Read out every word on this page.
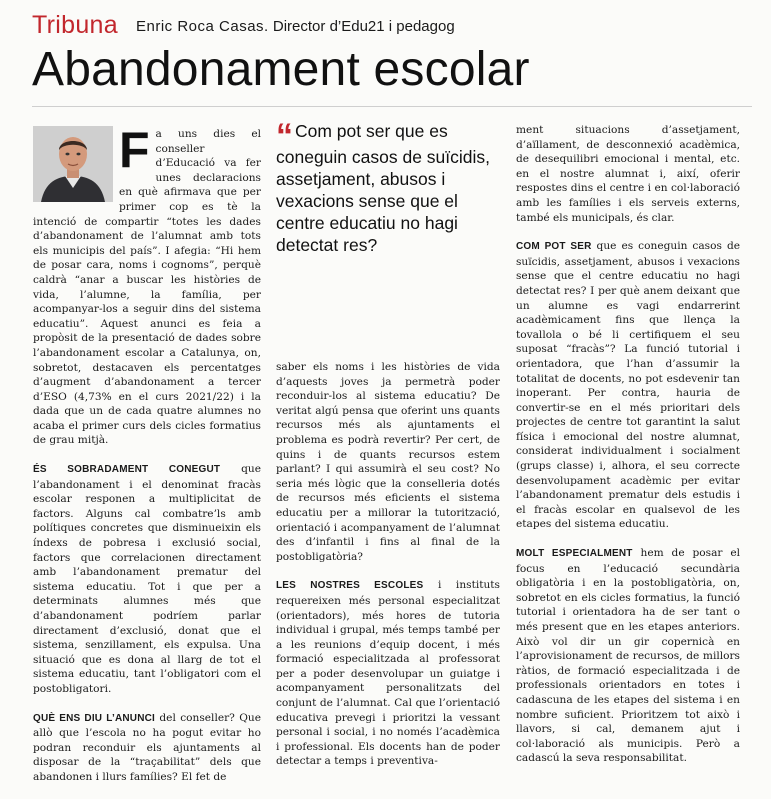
Tribuna Enric Roca Casas. Director d’Edu21 i pedagog
Abandonament escolar

Fa uns dies el conseller d’Educació va fer unes declaracions en què afirmava que per primer cop es tè la intenció de compartir “totes les dades d’abandonament de l’alumnat amb tots els municipis del país”. I afegia: “Hi hem de posar cara, noms i cognoms”, perquè caldrà “anar a buscar les històries de vida, l’alumne, la família, per acompanyar-los a seguir dins del sistema educatiu”. Aquest anunci es feia a propòsit de la presentació de dades sobre l’abandonament escolar a Catalunya, on, sobretot, destacaven els percentatges d’augment d’abandonament a tercer d’ESO (4,73% en el curs 2021/22) i la dada que un de cada quatre alumnes no acaba el primer curs dels cicles formatius de grau mitjà.

ÉS SOBRADAMENT CONEGUT que l’abandonament i el denominat fracàs escolar responen a multiplicitat de factors. Alguns cal combatre’ls amb polítiques concretes que disminueixin els índexs de pobresa i exclusió social, factors que correlacionen directament amb l’abandonament prematur del sistema educatiu. Tot i que per a determinats alumnes més que d’abandonament podríem parlar directament d’exclusió, donat que el sistema, senzillament, els expulsa. Una situació que es dona al llarg de tot el sistema educatiu, tant l’obligatori com el postobligatori.

QUÈ ENS DIU L’ANUNCI del conseller? Que allò que l’escola no ha pogut evitar ho podran reconduir els ajuntaments al disposar de la “traçabilitat” dels que abandonen i llurs famílies? El fet de

“ Com pot ser que es coneguin casos de suïcidis, assetjament, abusos i vexacions sense que el centre educatiu no hagi detectat res?

saber els noms i les històries de vida d’aquests joves ja permetrà poder reconduir-los al sistema educatiu? De veritat algú pensa que oferint uns quants recursos més als ajuntaments el problema es podrà revertir? Per cert, de quins i de quants recursos estem parlant? I qui assumirà el seu cost? No seria més lògic que la conselleria dotés de recursos més eficients el sistema educatiu per a millorar la tutorització, orientació i acompanyament de l’alumnat des d’infantil i fins al final de la postobligatòria?

LES NOSTRES ESCOLES i instituts requereixen més personal especialitzat (orientadors), més hores de tutoria individual i grupal, més temps també per a les reunions d’equip docent, i més formació especialitzada al professorat per a poder desenvolupar un guiatge i acompanyament personalitzats del conjunt de l’alumnat. Cal que l’orientació educativa prevegi i prioritzi la vessant personal i social, i no només l’acadèmica i professional. Els docents han de poder detectar a temps i preventiva-

ment situacions d’assetjament, d’aïllament, de desconnexió acadèmica, de desequilibri emocional i mental, etc. en el nostre alumnat i, així, oferir respostes dins el centre i en col·laboració amb les famílies i els serveis externs, també els municipals, és clar.

COM POT SER que es coneguin casos de suïcidis, assetjament, abusos i vexacions sense que el centre educatiu no hagi detectat res? I per què anem deixant que un alumne es vagi endarrerint acadèmicament fins que llença la tovallola o bé li certifiquem el seu suposat “fracàs”? La funció tutorial i orientadora, que l’han d’assumir la totalitat de docents, no pot esdevenir tan inoperant. Per contra, hauria de convertir-se en el més prioritari dels projectes de centre tot garantint la salut física i emocional del nostre alumnat, considerat individualment i socialment (grups classe) i, alhora, el seu correcte desenvolupament acadèmic per evitar l’abandonament prematur dels estudis i el fracàs escolar en qualsevol de les etapes del sistema educatiu.

MOLT ESPECIALMENT hem de posar el focus en l’educació secundària obligatòria i en la postobligatòria, on, sobretot en els cicles formatius, la funció tutorial i orientadora ha de ser tant o més present que en les etapes anteriors. Això vol dir un gir copernicà en l’aprovisionament de recursos, de millors ràtios, de formació especialitzada i de professionals orientadors en totes i cadascuna de les etapes del sistema i en nombre suficient. Prioritzem tot això i llavors, si cal, demanem ajut i col·laboració als municipis. Però a cadascú la seva responsabilitat.
